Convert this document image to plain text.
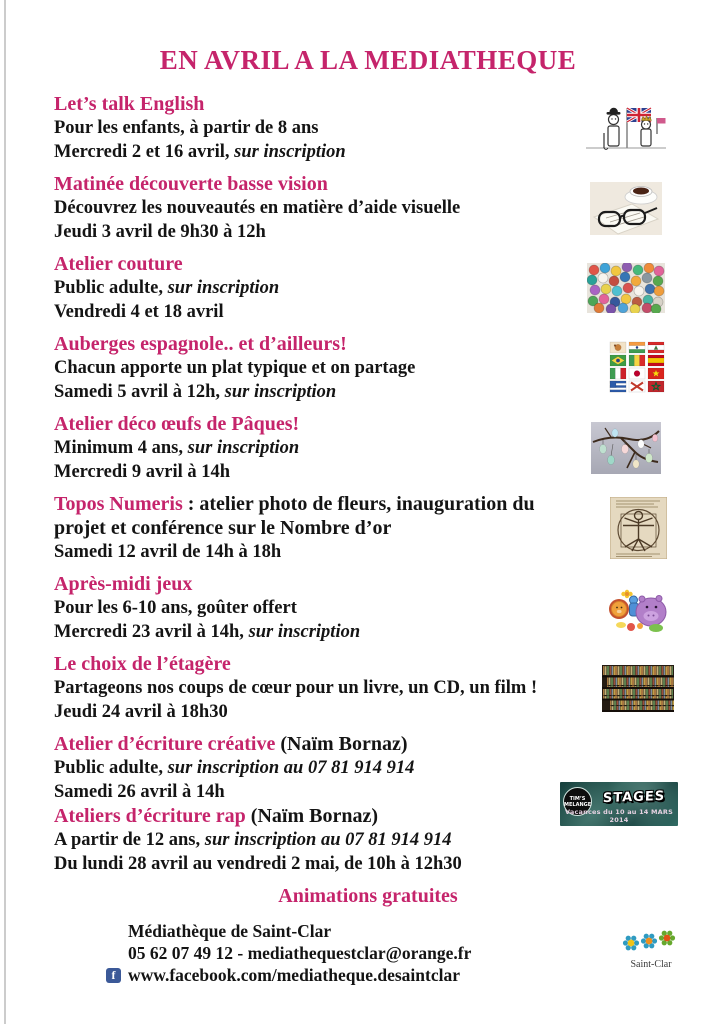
EN AVRIL A LA MEDIATHEQUE
Let’s talk English

Pour les enfants, à partir de 8 ans

Mercredi 2 et 16 avril, sur inscription

Matinée découverte basse vision

Découvrez les nouveautés en matière d’aide visuelle

Jeudi 3 avril de 9h30 à 12h

Atelier couture

Public adulte, sur inscription

Vendredi 4 et 18 avril

Auberges espagnole.. et d’ailleurs!

Chacun apporte un plat typique et on partage

Samedi 5 avril à 12h, sur inscription

Atelier déco œufs de Pâques!

Minimum 4 ans, sur inscription

Mercredi 9 avril à 14h

Topos Numeris : atelier photo de fleurs, inauguration du projet et conférence sur le Nombre d’or

Samedi 12 avril de 14h à 18h

Après-midi jeux

Pour les 6-10 ans, goûter offert

Mercredi 23 avril à 14h, sur inscription

Le choix de l’étagère

Partageons nos coups de cœur pour un livre, un CD, un film !

Jeudi 24 avril à 18h30

Atelier d’écriture créative (Naïm Bornaz)

Public adulte, sur inscription au 07 81 914 914

Samedi 26 avril à 14h

Ateliers d’écriture rap (Naïm Bornaz)

A partir de 12 ans, sur inscription au 07 81 914 914

Du lundi 28 avril au vendredi 2 mai, de 10h à 12h30

TIM’S
MELANGE STAGES
Vacances du 10 au 14 MARS 2014

Animations gratuites

Médiathèque de Saint-Clar

05 62 07 49 12 - mediathequestclar@orange.fr

f www.facebook.com/mediatheque.desaintclar

Saint-Clar
